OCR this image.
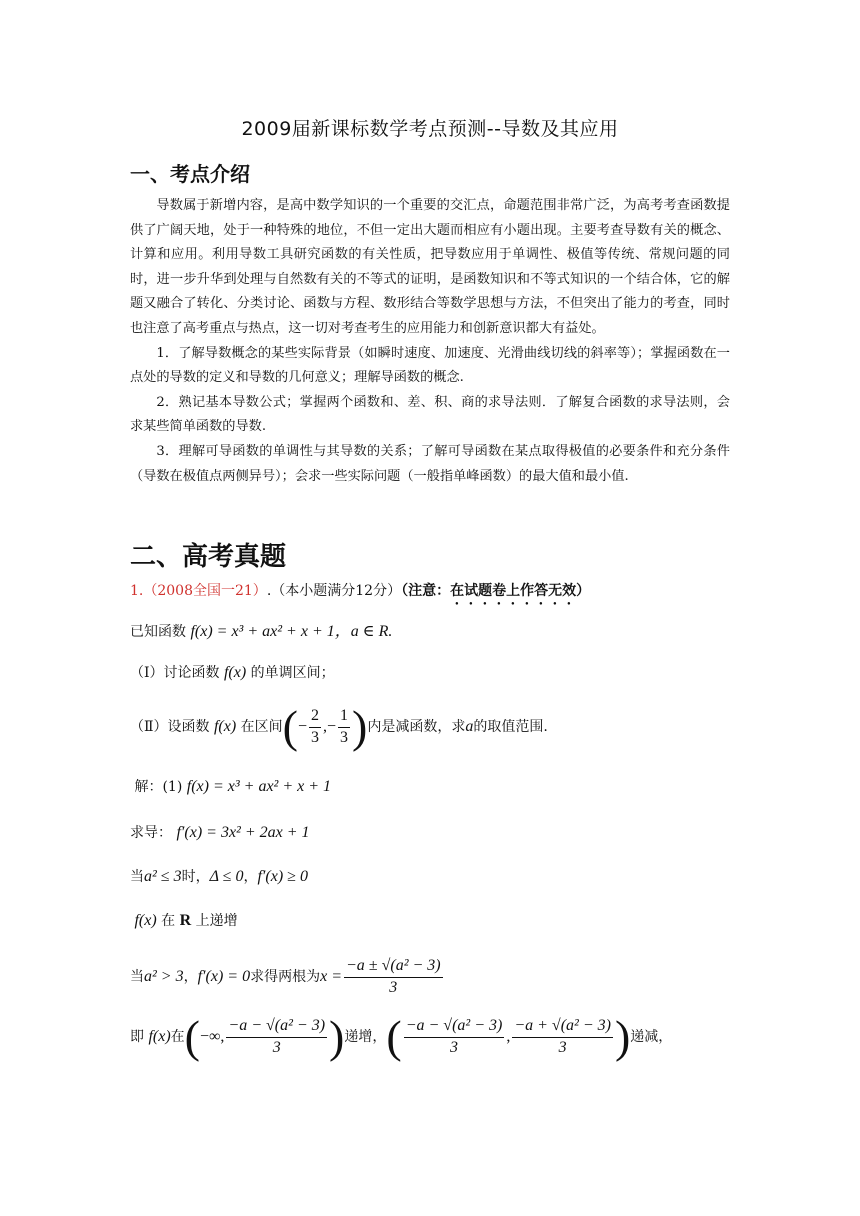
2009届新课标数学考点预测--导数及其应用
一、考点介绍

导数属于新增内容，是高中数学知识的一个重要的交汇点，命题范围非常广泛，为高考考查函数提供了广阔天地，处于一种特殊的地位，不但一定出大题而相应有小题出现。主要考查导数有关的概念、计算和应用。利用导数工具研究函数的有关性质，把导数应用于单调性、极值等传统、常规问题的同时，进一步升华到处理与自然数有关的不等式的证明，是函数知识和不等式知识的一个结合体，它的解题又融合了转化、分类讨论、函数与方程、数形结合等数学思想与方法，不但突出了能力的考查，同时也注意了高考重点与热点，这一切对考查考生的应用能力和创新意识都大有益处。

1．了解导数概念的某些实际背景（如瞬时速度、加速度、光滑曲线切线的斜率等）；掌握函数在一点处的导数的定义和导数的几何意义；理解导函数的概念.

2．熟记基本导数公式；掌握两个函数和、差、积、商的求导法则．了解复合函数的求导法则，会求某些简单函数的导数.

3．理解可导函数的单调性与其导数的关系；了解可导函数在某点取得极值的必要条件和充分条件（导数在极值点两侧异号）；会求一些实际问题（一般指单峰函数）的最大值和最小值.

二、高考真题
1.（2008全国一21）.（本小题满分12分）（注意：在试题卷上作答无效）
已知函数 f(x) = x³ + ax² + x + 1，a ∈ R.
（Ⅰ）讨论函数 f(x) 的单调区间；
（Ⅱ）设函数 f(x) 在区间(− $\frac{2}{3}$ ,− $\frac{1}{3}$ )内是减函数，求a的取值范围.
解：(1) f(x) = x³ + ax² + x + 1
求导： f′(x) = 3x² + 2ax + 1
当a² ≤ 3时，Δ ≤ 0，f′(x) ≥ 0
f(x) 在 R 上递增
当a² > 3，f′(x) = 0求得两根为$x = \frac{\text{−a ± √(a² − 3)}}{3}$
即 f(x)在(−∞, $\frac{\text{−a − √(a² − 3)}}{3}$ )递增，( $\frac{\text{−a − √(a² − 3)}}{3}$ , $\frac{\text{−a + √(a² − 3)}}{3}$ )递减，
